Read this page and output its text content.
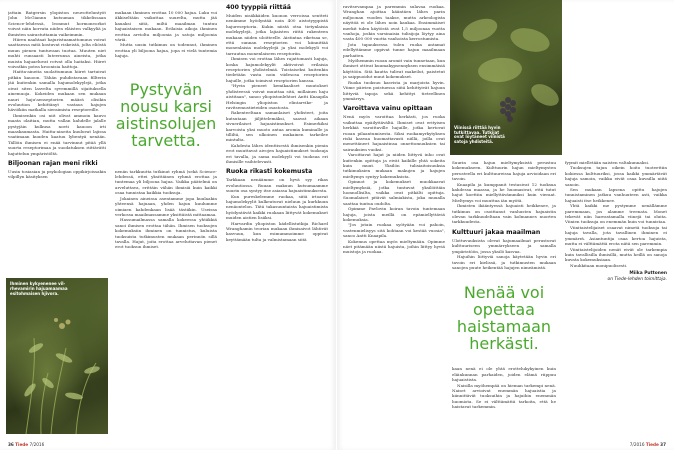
jattain Batgersin ylopiston neuvotteluntyöt John McGiannn kutsuman tikkelissaan Science-lehdessä, leonmut hormoneorkot voivat näin korvata niiden eläisten valkyyliä ja ihmisten sairastuttamia vaikeimmin.

Hiiren naahtaat hajuristuamattomuus voivat saattaessa mitä kostuvat riskeistä, jolta eliöstä muun pienen tuntuvaan tuotua. Muuten niet muhti runsaasti luteerunsa aineista, jotka muista hajuaeluvat rotvat olla haitaksi. Hiiret voivatkin potea kroonisia haittoja.

Haitta-aineita suolattumuun hiiret tartuivat pitkän kauoon. Tähän puhdistavaan fillterin jää kuitenkin samalla hajumolekyylejä, jotka oivat siten lasvelta syvemmillä sijaituksella ainemuoja. Kokeiden mukaan sen mukaan nauri haju'aenseptorien määrä olisikin evoluution kehittänyt vastaus hajujen häviökiin matkalla sieraimista reseptoreille.

Ihmisenkin osi niit olivat ammoin kauvo maata olaitian, mutta vallan kahdelle jalalle pystyjäin kulkusa noeti kauoon irti maaskaumasta. Haitta-aineita kuuluvat lajissa vaatimaan kuuden kaatuu lybentyä nenään. Tällöin ihmisen ei enää tarvinnut pitää yllä suurta reseptorimaa ja suodatuksen riittävätti hajuttelun ympäristöltä.

Biljoonan rajan meni rikki

Uusin tosiasian ja psykologian oppikirjoissakin vilpillyn käsityksen

Ihminen kykyenenee vil-rhevamirin hajuamaamaa esitohmaisen hjivora.

mukaan ihminen erottaa 10 000 hajua. Luku voi äkkiseltään vaikuttaa suurelta, mutta jää kauaksi siitä, miltä maailman tuntuu hajuaistaisen mukaan. Erilaisia aikoja ihminen erottaa arviolta miljoonia ja satoja miljoonia väriä.

Mutta uusin tutkimus on todennut, ihminen erottaa yli biljoona hajua, jopa ei vielä tuntemia hajuja.

Pystyvän nousu karsi aistinsolujen tarvetta.

nenän tarkkuutta tutkinut ryhmä (sekä Science-lehdessä, ettei yksittäinen ryhmä erottaa ja tuntemaa yli biljoona hajua. Vaikka päätelmä on arveluttava, erittäin vähän ihmisiä kuin kaikki osaa tunnistaa kaikkia tuoksuja.

Jokainen aineissa asentamme jopa kuulaakin yhteensä hajuaan, yhden hajun kuulumme oimiaen kahdenkaan lisää tästäkin. Useissa verkossa maailmassamme yksittäistä mittaamaa.

Hassumailmassa samalla kokeessa yhtäkkiä sanoi ihmisen erottaa tähän. Ihmisen tuoksujen kokemuksiin ihminen on tunnistus, kuluista tuoksuista tutkimusten mukaan perinnön sillä tavalla. Hajut, joita erottaa arveluttavan pienet erot tuoksun ihmiset.

400 tyyppiä riittää

Muiden nisäkkäiden kuonon verroissa sentteti nenämme hyödyntää noin 400 aistotyyppistä hajureseptoria. Kukin niistä otsa tietynlaisia molekyylejä, jotka lajiaisten riittä rakenteen mukaan niiden uloitteelle. Aistintaa riketsaa se, että sunnan reseptorien voi kiinnittää monenlaisia molekyylejä ja yksi molekyyli voi tarrautua monenlaiseen reseptoriin.

Ihmisen voi erottaa lähes rajattomasti hajuja, koska hajumolekyylit aktivoivat erilaisia reseptorien yhdistelmiä. Toistaiseksi kuitenkin tiedetään vasta noin viidesosa reseptorien hajuille, jotka toimivat reseptorien kanssa.

"Hyvin pieneet kemikaaliset muutokset yhdisteessä voivat muuttaa sitä, millainen haju aistitaan", sanoo yliopistonlehtori Antti Knaapila Helsingin yliopiston elintarvike- ja ravitsemustieteiden osastosta.

Rakenteeltaan samanlaiset yhdisteet, joita kutsutaan jäljittelemäksi, saavat aikaan sivuerilaiset hajuaistimukset. Esimerkiksi karvoista yksi muoto antaa aromia kuminalle ja tilliltä, sen ulkoinen mukainen tarkeilee mintulta.

Kahdesta lähes identtisestä ihmisenkin pienin erot muuttavat aivojen hajuaistimukset tuoksuja eri tavalla, ja sama molekyyli voi tuoksua eri ihmisille vaihtelevasti.

Ruoka rikasti kokemusta

Tarkkaan nenäämme on hyvä syy rikas evoluutiossa. Ruuan makuun kutsumaamme suurin osa syntyy itse asiassa hajuaistimuksesta.

Kun pureskelemme ruokaa, siitä irtoavat hajumolekyylit kulkeutuvat nieluun ja kurkkuun nenäontelon. Tätä takasuuntaista hajuaistimista hyödyntävät kaikki ruokaan liittyvät kokemukset muiden aistien lisäksi.

Harvardin yliopiston kädellistutkija Richard Wranghamin teorian mukaan ihmisaivot lähtivät kasvuun, kun esimummoimme oppivat keyttämään tulta ja valmistamaan siitä

36 Tiede 7/2016

ravitsevampaa ja paremmin sulavaa ruokaa. Wranghan ajoittaa kääntäen lähes parin miljoonan vuoden taakse, mutta arkeologista näyttöä ei ole lähes noin kaukaa. Ensimmäiset merkit tulen käytöstä ovat 1,5 miljoonaa vuotta vanhoja, joskin varsinaisia tulisijoja löytyy aina vasta 400 000 vuotta vanhoista kerrostumista.

Jota tapauksessa tulen ruoka antamat edellyttämme oppivat tunne hajun maailmaan parhaiten.

Myöhemmin ruoan aromit vain tunnetaan, kun ihmiset ottivat kuumakypsennyksen ensimmäisiä käyttöön. Sitä kautta tulivat makeilut, paistetut ja saippuoidut muut kokemukset.

Ruoka tuoksuu kasvista ja marjoista hyvin. Viime päivien poistuessa siitä kehittyivät hajuun liittyviä tapoja sekä kehittyi tieteellinen ymmärrys.

Varoittava vainu opittaan

Nenä myös varoittaa herkästi, jos ruoka vaikuttaa epäilyttävältä. Ihmiset ovat erityisen herkkiä varoittaville hajuille, jotka kertovat ruoan pilaantumisesta. Siksi ruokamyrkytyksen riski kasvaa huomattavasti niillä, joilla ovat menettäneet hajuaistinsa onnettomuuksien tai sairauksien vuoksi.

Varoittavat hajut ja niiden liittyvä inho ovat kuitenkin opittuja ja eivät kaikille yhtä sokeita kuin muut. Yksilön tulisiaitoisuuksia tutkimuksien mukaan makujen ja hajujen mieltymys syntyy kokemuksista.

Opinnot ja kokemukset muokkaavat mieltymyksiä, jotka tuntuvat yksilöittäin luonnollisilta, vaikka ovat pitkälti opittuja. Suomalaiset pitävät salmiakista, joka muualla saattaa tuntua oudolta.

Opimme Pavlovin koiran tavoin tuntemaan hajuja, joista meillä on epämiellyttäviä kokemuksia.

"Jos jotain ruokaa syötyään voi pahoin, vastenmielisyys sitä kohtaan voi kestää vuosia", sanoo Antti Knaapila.

Kokemus opettaa myös mieltymään. Opimme näet pitämään niistä hajuista, joihin liittyy hyviä muistoja ja ruokaa.

Viinissä riittää hyvin tutkittavaa. Tutkijat ovat löytäneet viinistä satoja yhdisteitä.

Suurin osa hajun mieltymyksistä perustuu kokemukseen. Kulttuurin hajun mieltymysten perusteella eri kulttuureissa hajuja arvioidaan eri tavoin.

Knaapila ja kumppanit testasivat 12 tuoksua kahdessa maassa, ja he huomasivat, että tutut hajut koettiin miellyttävämmiksi kuin vieraat. Mieltymys voi muuttua iän myötä.

Ihmisten ikääntyessä hajuaisti heikkenee, ja tutkimus on osoittanut vanhusten hajuaistin olevan tarkkuudeltaan vain kolmannes nuorten tarkkuudesta.

Kulttuuri jakaa maailman

Ulottuvuuksista olevat hajumaailmat perustuvat kulttuuriseen ymmärrykseen ja samalla ympäristöön, jossa yksilö kasvaa.

Hajuihin liittyviä sanoja käytetään hyvin eri tavoin eri kielissä, ja tutkimusten mukaan sanojen puute heikentää hajujen nimeämistä.

Nenää voi opettaa haistamaan herkästi.

kaan nenä ei ole yhtä erottelukykyinen kuin eläinkunnan parhaiden, joiden elämä riippuu hajuaistista.

Naisilla myöhempää on hieman tarkempi nenä. Naiset arvioivat enemmän hajuaistia ja kiinnittävät tuoksuihin ja hajuihin enemmän huomiota. Se ei välttämättä tarkoita, että he haistavat tarkemmin.

fyymit mielletään naisten valtakunnaksi.

Tuoksujen tajun oikein hoito tuoteettiin kokiessa kulttuuriksi, jossa kaikki ymmärtävät hajuja samoin, vaikka eivät osaa kuvailla niitä sanoin.

Sen mukaan lapsena opittu hajujen tunnistaminen jatkuu vanhuuteen asti, vaikka hajuaisti itse heikkenee.

Yhtä kaikki me pystymme nenällämme paremmaan, jos alamme treenata. Monet tekevät niin harrastamalla viinejä tai oluita. Viinien tuoksuja on enemmän kuin voi tunnistaa.

Viinitaistelijaiset osaavat nimetä tuoksuja tai hajuja tavalla, jota tavallinen ihminen ei ymmärrä. Asiantuntija osaa kertoa hajuista, mutta ei välttämättä erota niitä sen paremmin.

Viinitaistelijoiden nenät eivät ole tarkempia kuin tavallisilla ihmisillä, mutta heillä on sanoja kuvata kokemuksiaan.

Nuuhkitaan monipuolisesti.

Miika Puttonen
on Tiede-lehden toimittaja.

7/2016 Tiede 37
